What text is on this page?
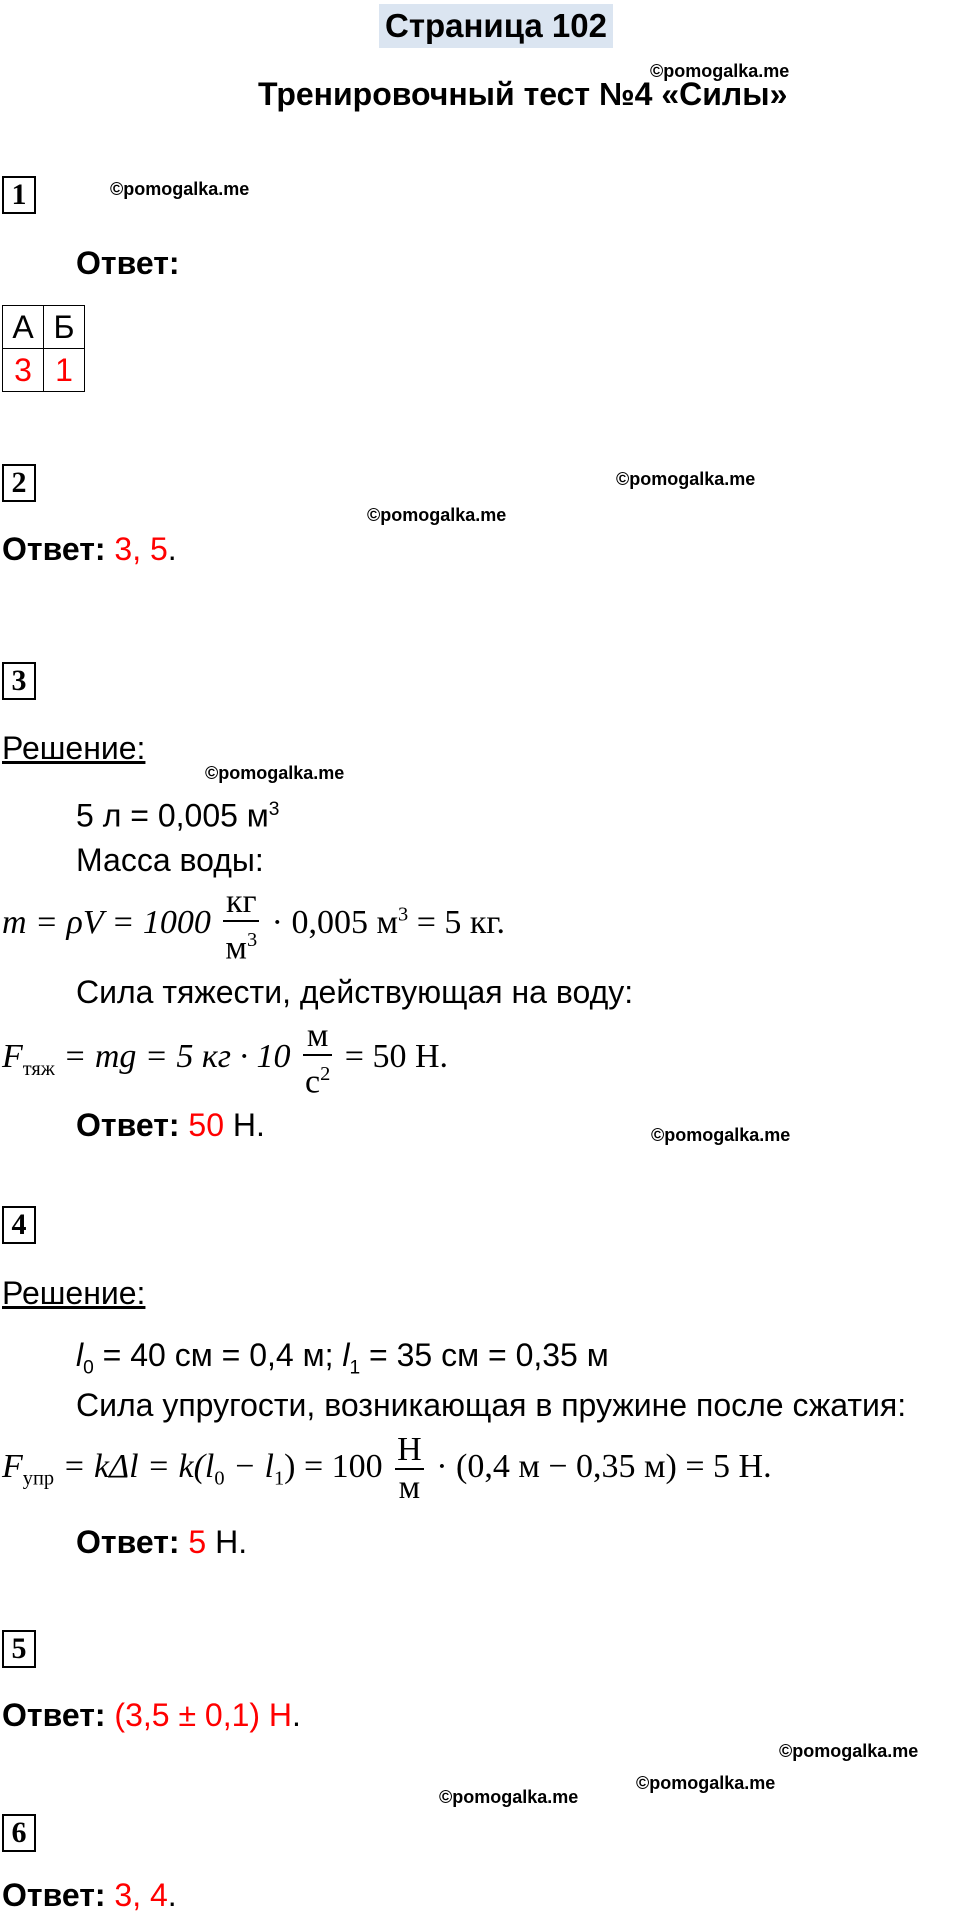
Страница 102
©pomogalka.me
Тренировочный тест №4 «Силы»
1	©pomogalka.me
Ответ:
А	Б
3	1
2	©pomogalka.me
©pomogalka.me
Ответ: 3, 5.
3
Решение:
©pomogalka.me
5 л = 0,005 $м^3$
Масса воды:
$m = \rho V = 1000 \frac{кг}{м^3} \cdot 0,005$ $м^3 = 5$ кг.
Сила тяжести, действующая на воду:
$F_{тяж}$ = mg = 5 кг · $10 \frac{м}{с^2} = 50$ Н.
Ответ: 50 Н.	©pomogalka.me
4
Решение:
$l_0 = 40$ см = 0,4 м; $l_1 = 35$ см = 0,35 м
Сила упругости, возникающая в пружине после сжатия:
$F_{упр} = k\Delta l = k(l_0 - l_1) = 100 \frac{Н}{м} \cdot (0,4$ м − 0,35 м) = 5 Н.
Ответ: 5 Н.
5
Ответ: (3,5 ± 0,1) Н.
©pomogalka.me
©pomogalka.me
©pomogalka.me
6
Ответ: 3, 4.
